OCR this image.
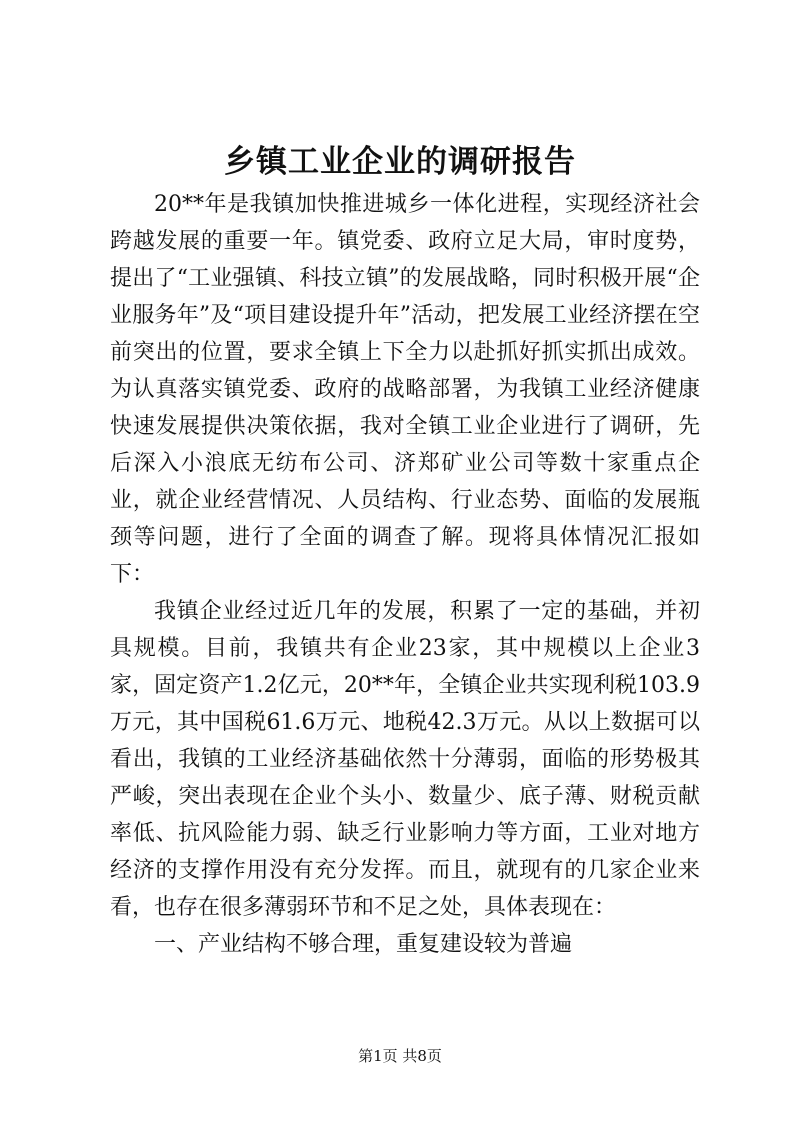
乡镇工业企业的调研报告

20**年是我镇加快推进城乡一体化进程，实现经济社会跨越发展的重要一年。镇党委、政府立足大局，审时度势，提出了“工业强镇、科技立镇”的发展战略，同时积极开展“企业服务年”及“项目建设提升年”活动，把发展工业经济摆在空前突出的位置，要求全镇上下全力以赴抓好抓实抓出成效。为认真落实镇党委、政府的战略部署，为我镇工业经济健康快速发展提供决策依据，我对全镇工业企业进行了调研，先后深入小浪底无纺布公司、济郑矿业公司等数十家重点企业，就企业经营情况、人员结构、行业态势、面临的发展瓶颈等问题，进行了全面的调查了解。现将具体情况汇报如下：

我镇企业经过近几年的发展，积累了一定的基础，并初具规模。目前，我镇共有企业23家，其中规模以上企业3家，固定资产1.2亿元，20**年，全镇企业共实现利税103.9万元，其中国税61.6万元、地税42.3万元。从以上数据可以看出，我镇的工业经济基础依然十分薄弱，面临的形势极其严峻，突出表现在企业个头小、数量少、底子薄、财税贡献率低、抗风险能力弱、缺乏行业影响力等方面，工业对地方经济的支撑作用没有充分发挥。而且，就现有的几家企业来看，也存在很多薄弱环节和不足之处，具体表现在：

一、产业结构不够合理，重复建设较为普遍

第1页 共8页
